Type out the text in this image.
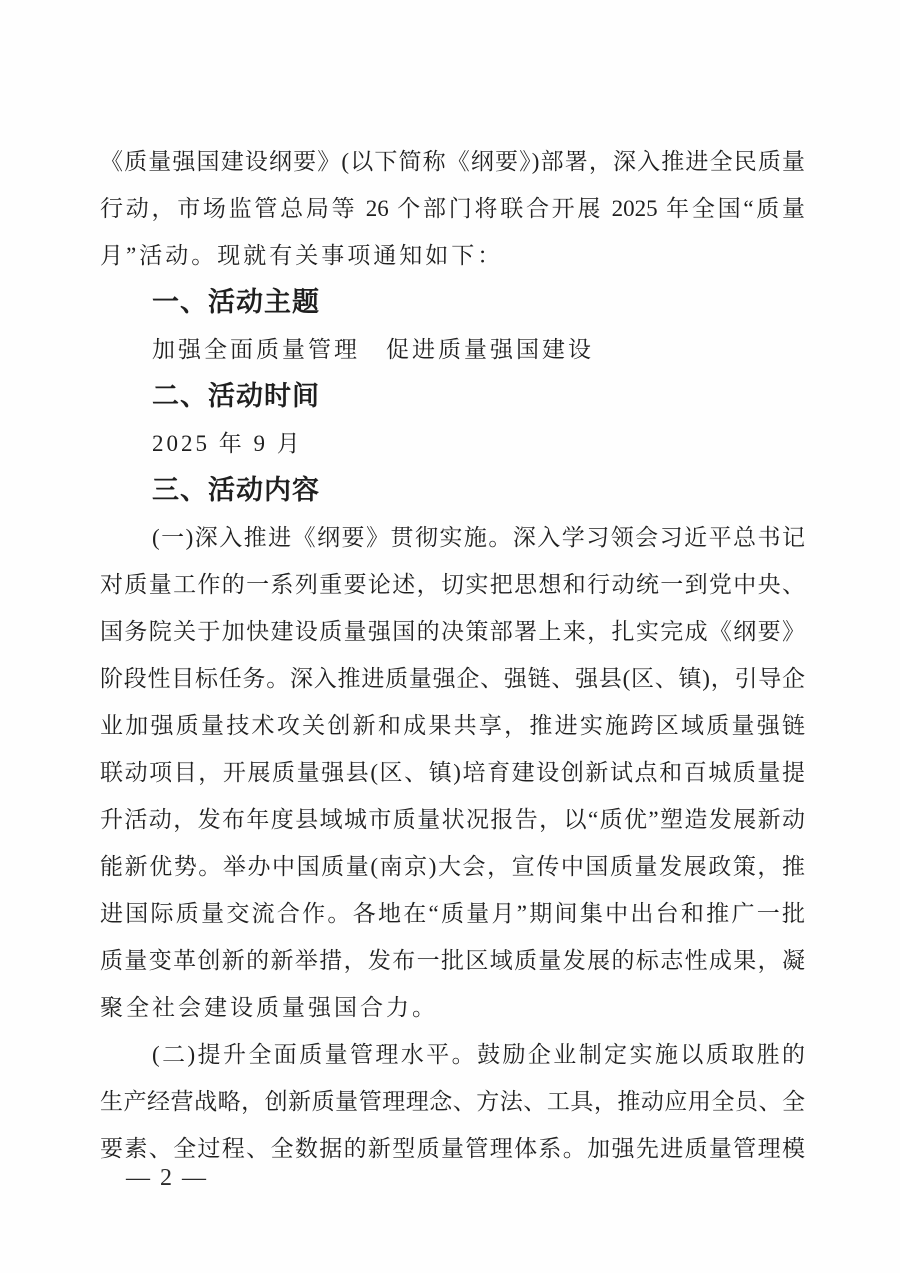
《质量强国建设纲要》(以下简称《纲要》)部署，深入推进全民质量
行动，市场监管总局等 26 个部门将联合开展 2025 年全国“质量
月”活动。现就有关事项通知如下：
一、活动主题
加强全面质量管理　促进质量强国建设
二、活动时间
2025 年 9 月
三、活动内容
(一)深入推进《纲要》贯彻实施。深入学习领会习近平总书记
对质量工作的一系列重要论述，切实把思想和行动统一到党中央、
国务院关于加快建设质量强国的决策部署上来，扎实完成《纲要》
阶段性目标任务。深入推进质量强企、强链、强县(区、镇)，引导企
业加强质量技术攻关创新和成果共享，推进实施跨区域质量强链
联动项目，开展质量强县(区、镇)培育建设创新试点和百城质量提
升活动，发布年度县域城市质量状况报告，以“质优”塑造发展新动
能新优势。举办中国质量(南京)大会，宣传中国质量发展政策，推
进国际质量交流合作。各地在“质量月”期间集中出台和推广一批
质量变革创新的新举措，发布一批区域质量发展的标志性成果，凝
聚全社会建设质量强国合力。
(二)提升全面质量管理水平。鼓励企业制定实施以质取胜的
生产经营战略，创新质量管理理念、方法、工具，推动应用全员、全
要素、全过程、全数据的新型质量管理体系。加强先进质量管理模
— 2 —
